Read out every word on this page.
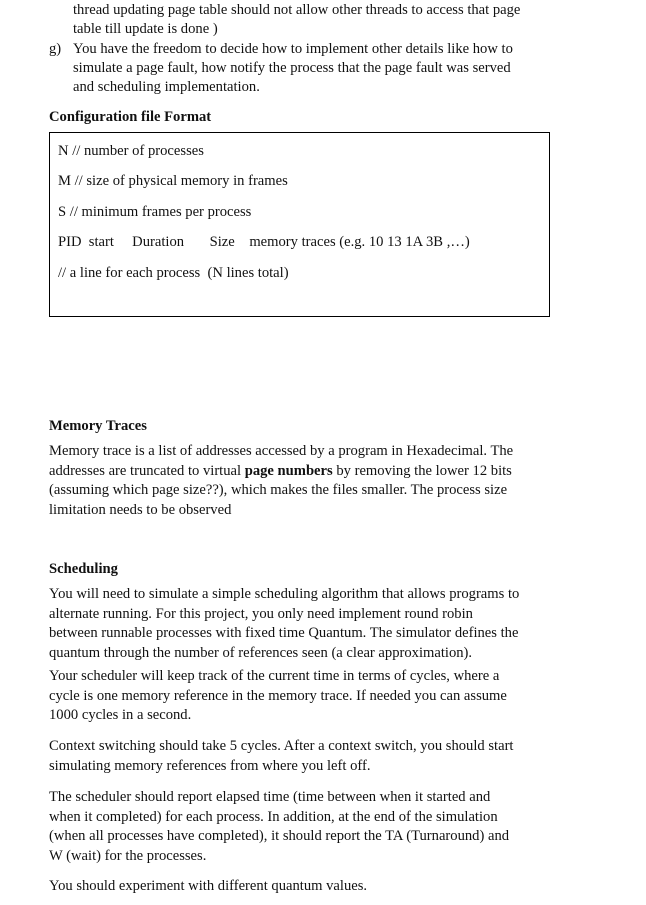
thread updating page table should not allow other threads to access that page
table till update is done )
g) You have the freedom to decide how to implement other details like how to
simulate a page fault, how notify the process that the page fault was served
and scheduling implementation.
Configuration file Format
N // number of processes
M // size of physical memory in frames
S // minimum frames per process
PID  start     Duration       Size    memory traces (e.g. 10 13 1A 3B ,…)
// a line for each process  (N lines total)
Memory Traces
Memory trace is a list of addresses accessed by a program in Hexadecimal. The
addresses are truncated to virtual page numbers by removing the lower 12 bits
(assuming which page size??), which makes the files smaller. The process size
limitation needs to be observed
Scheduling
You will need to simulate a simple scheduling algorithm that allows programs to
alternate running. For this project, you only need implement round robin
between runnable processes with fixed time Quantum. The simulator defines the
quantum through the number of references seen (a clear approximation).
Your scheduler will keep track of the current time in terms of cycles, where a
cycle is one memory reference in the memory trace. If needed you can assume
1000 cycles in a second.
Context switching should take 5 cycles. After a context switch, you should start
simulating memory references from where you left off.
The scheduler should report elapsed time (time between when it started and
when it completed) for each process. In addition, at the end of the simulation
(when all processes have completed), it should report the TA (Turnaround) and
W (wait) for the processes.
You should experiment with different quantum values.
